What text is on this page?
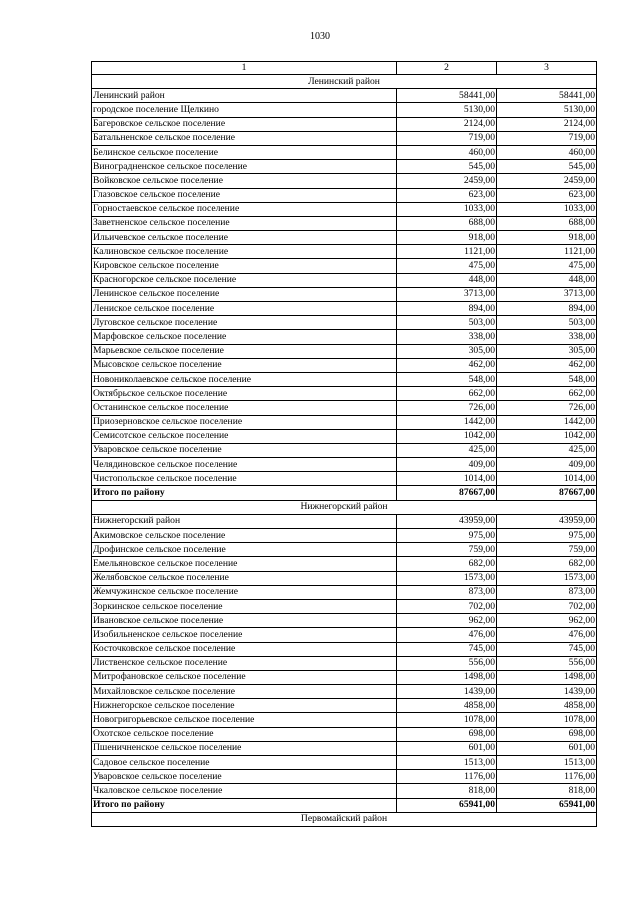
1030
1	2	3
Ленинский район		
Ленинский район	58441,00	58441,00
городское поселение Щелкино	5130,00	5130,00
Багеровское сельское поселение	2124,00	2124,00
Батальненское сельское поселение	719,00	719,00
Белинское сельское поселение	460,00	460,00
Виноградненское сельское поселение	545,00	545,00
Войковское сельское поселение	2459,00	2459,00
Глазовское сельское поселение	623,00	623,00
Горностаевское сельское поселение	1033,00	1033,00
Заветненское сельское поселение	688,00	688,00
Ильичевское сельское поселение	918,00	918,00
Калиновское сельское поселение	1121,00	1121,00
Кировское сельское поселение	475,00	475,00
Красногорское сельское поселение	448,00	448,00
Ленинское сельское поселение	3713,00	3713,00
Лениское сельское поселение	894,00	894,00
Луговское сельское поселение	503,00	503,00
Марфовское сельское поселение	338,00	338,00
Марьевское сельское поселение	305,00	305,00
Мысовское сельское поселение	462,00	462,00
Новониколаевское сельское поселение	548,00	548,00
Октябрьское сельское поселение	662,00	662,00
Останинское сельское поселение	726,00	726,00
Приозерновское сельское поселение	1442,00	1442,00
Семисотское сельское поселение	1042,00	1042,00
Уваровское сельское поселение	425,00	425,00
Челядиновское сельское поселение	409,00	409,00
Чистопольское сельское поселение	1014,00	1014,00
Итого по району	87667,00	87667,00
Нижнегорский район		
Нижнегорский район	43959,00	43959,00
Акимовское сельское поселение	975,00	975,00
Дрофинское сельское поселение	759,00	759,00
Емельяновское сельское поселение	682,00	682,00
Желябовское сельское поселение	1573,00	1573,00
Жемчужинское сельское поселение	873,00	873,00
Зоркинское сельское поселение	702,00	702,00
Ивановское сельское поселение	962,00	962,00
Изобильненское сельское поселение	476,00	476,00
Косточковское сельское поселение	745,00	745,00
Лиственское сельское поселение	556,00	556,00
Митрофановское сельское поселение	1498,00	1498,00
Михайловское сельское поселение	1439,00	1439,00
Нижнегорское сельское поселение	4858,00	4858,00
Новогригорьевское сельское поселение	1078,00	1078,00
Охотское сельское поселение	698,00	698,00
Пшеничненское сельское поселение	601,00	601,00
Садовое сельское поселение	1513,00	1513,00
Уваровское сельское поселение	1176,00	1176,00
Чкаловское сельское поселение	818,00	818,00
Итого по району	65941,00	65941,00
Первомайский район		
